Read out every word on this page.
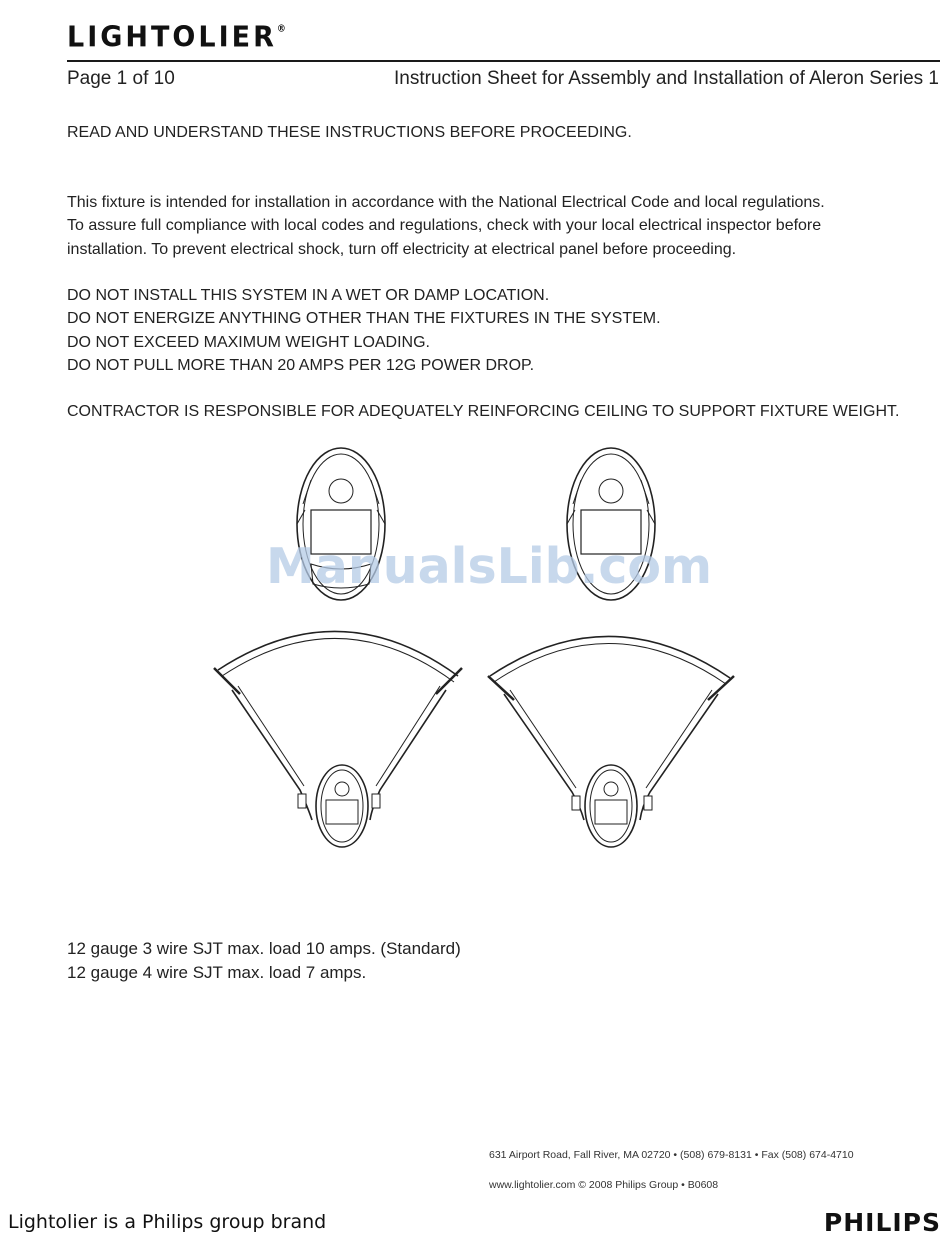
LIGHTOLIER®
Page 1 of 10	Instruction Sheet for Assembly and Installation of Aleron Series 1
READ AND UNDERSTAND THESE INSTRUCTIONS BEFORE PROCEEDING.
This fixture is intended for installation in accordance with the National Electrical Code and local regulations.
To assure full compliance with local codes and regulations, check with your local electrical inspector before
installation. To prevent electrical shock, turn off electricity at electrical panel before proceeding.
DO NOT INSTALL THIS SYSTEM IN A WET OR DAMP LOCATION.
DO NOT ENERGIZE ANYTHING OTHER THAN THE FIXTURES IN THE SYSTEM.
DO NOT EXCEED MAXIMUM WEIGHT LOADING.
DO NOT PULL MORE THAN 20 AMPS PER 12G POWER DROP.
CONTRACTOR IS RESPONSIBLE FOR ADEQUATELY REINFORCING CEILING TO SUPPORT FIXTURE WEIGHT.
ManualsLib.com
12 gauge 3 wire SJT max. load 10 amps. (Standard)
12 gauge 4 wire SJT max. load 7 amps.
631 Airport Road, Fall River, MA 02720 • (508) 679-8131 • Fax (508) 674-4710
www.lightolier.com © 2008 Philips Group • B0608
Lightolier is a Philips group brand	PHILIPS
